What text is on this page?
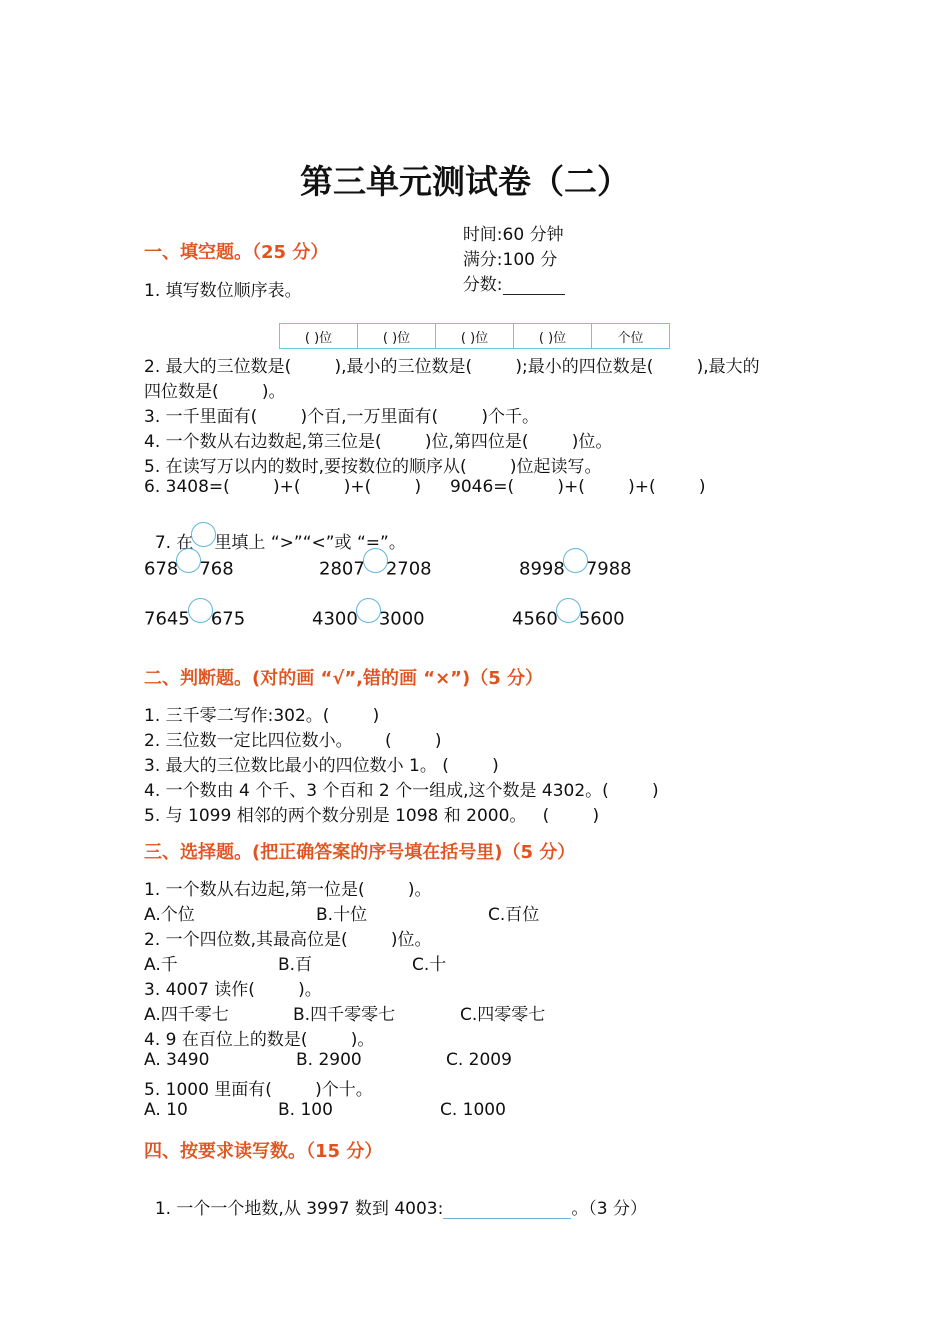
第三单元测试卷（二）

时间:60 分钟
满分:100 分
分数:

一、填空题。（25 分）
1. 填写数位顺序表。
( )位	( )位	( )位	( )位	个位
2. 最大的三位数是(        ),最小的三位数是(        );最小的四位数是(        ),最大的
四位数是(        )。
3. 一千里面有(        )个百,一万里面有(        )个千。
4. 一个数从右边数起,第三位是(        )位,第四位是(        )位。
5. 在读写万以内的数时,要按数位的顺序从(        )位起读写。
6. 3408=(        )+(        )+(        ) 9046=(        )+(        )+(        )

7. 在 里填上 “>”“<”或 “=”。

678 768	2807 2708	8998 7988
7645 675	4300 3000	4560 5600
二、判断题。(对的画 “√”,错的画 “×”)（5 分）
1. 三千零二写作:302。(        )
2. 三位数一定比四位数小。      (        )
3. 最大的三位数比最小的四位数小 1。 (        )
4. 一个数由 4 个千、3 个百和 2 个一组成,这个数是 4302。(        )
5. 与 1099 相邻的两个数分别是 1098 和 2000。   (        )
三、选择题。(把正确答案的序号填在括号里)（5 分）
1. 一个数从右边起,第一位是(        )。
A.个位	B.十位	C.百位
2. 一个四位数,其最高位是(        )位。
A.千	B.百	C.十
3. 4007 读作(        )。
A.四千零七	B.四千零零七	C.四零零七
4. 9 在百位上的数是(        )。
A. 3490	B. 2900	C. 2009
5. 1000 里面有(        )个十。
A. 10	B. 100	C. 1000
四、按要求读写数。（15 分）

1. 一个一个地数,从 3997 数到 4003:	。（3 分）
